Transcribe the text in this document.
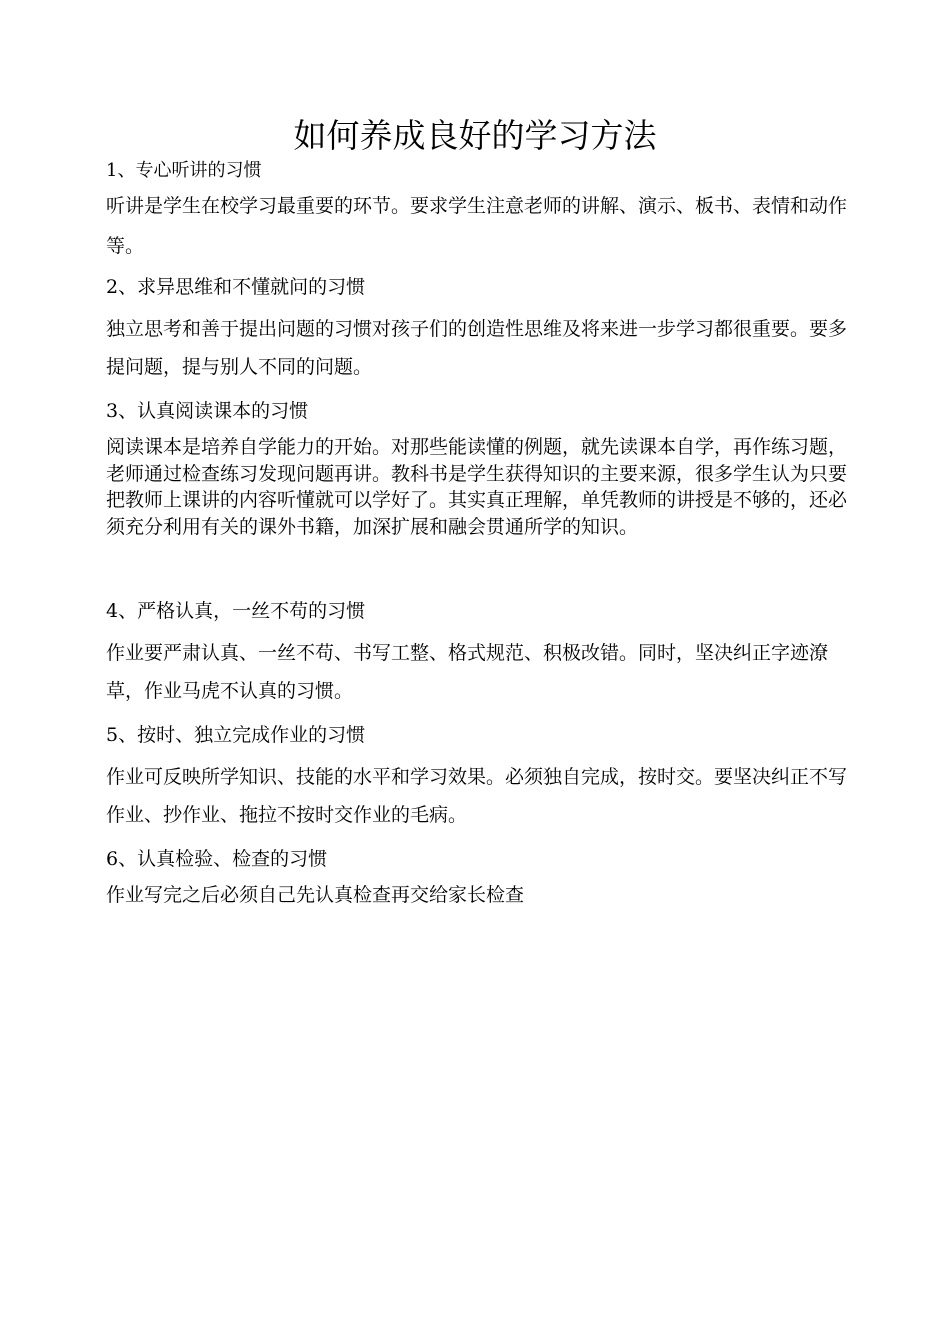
如何养成良好的学习方法
1、专心听讲的习惯

听讲是学生在校学习最重要的环节。要求学生注意老师的讲解、演示、板书、表情和动作等。

2、求异思维和不懂就问的习惯

独立思考和善于提出问题的习惯对孩子们的创造性思维及将来进一步学习都很重要。要多提问题，提与别人不同的问题。

3、认真阅读课本的习惯

阅读课本是培养自学能力的开始。对那些能读懂的例题，就先读课本自学，再作练习题，老师通过检查练习发现问题再讲。教科书是学生获得知识的主要来源，很多学生认为只要把教师上课讲的内容听懂就可以学好了。其实真正理解，单凭教师的讲授是不够的，还必须充分利用有关的课外书籍，加深扩展和融会贯通所学的知识。

4、严格认真，一丝不苟的习惯

作业要严肃认真、一丝不苟、书写工整、格式规范、积极改错。同时，坚决纠正字迹潦草，作业马虎不认真的习惯。

5、按时、独立完成作业的习惯

作业可反映所学知识、技能的水平和学习效果。必须独自完成，按时交。要坚决纠正不写作业、抄作业、拖拉不按时交作业的毛病。

6、认真检验、检查的习惯

作业写完之后必须自己先认真检查再交给家长检查
